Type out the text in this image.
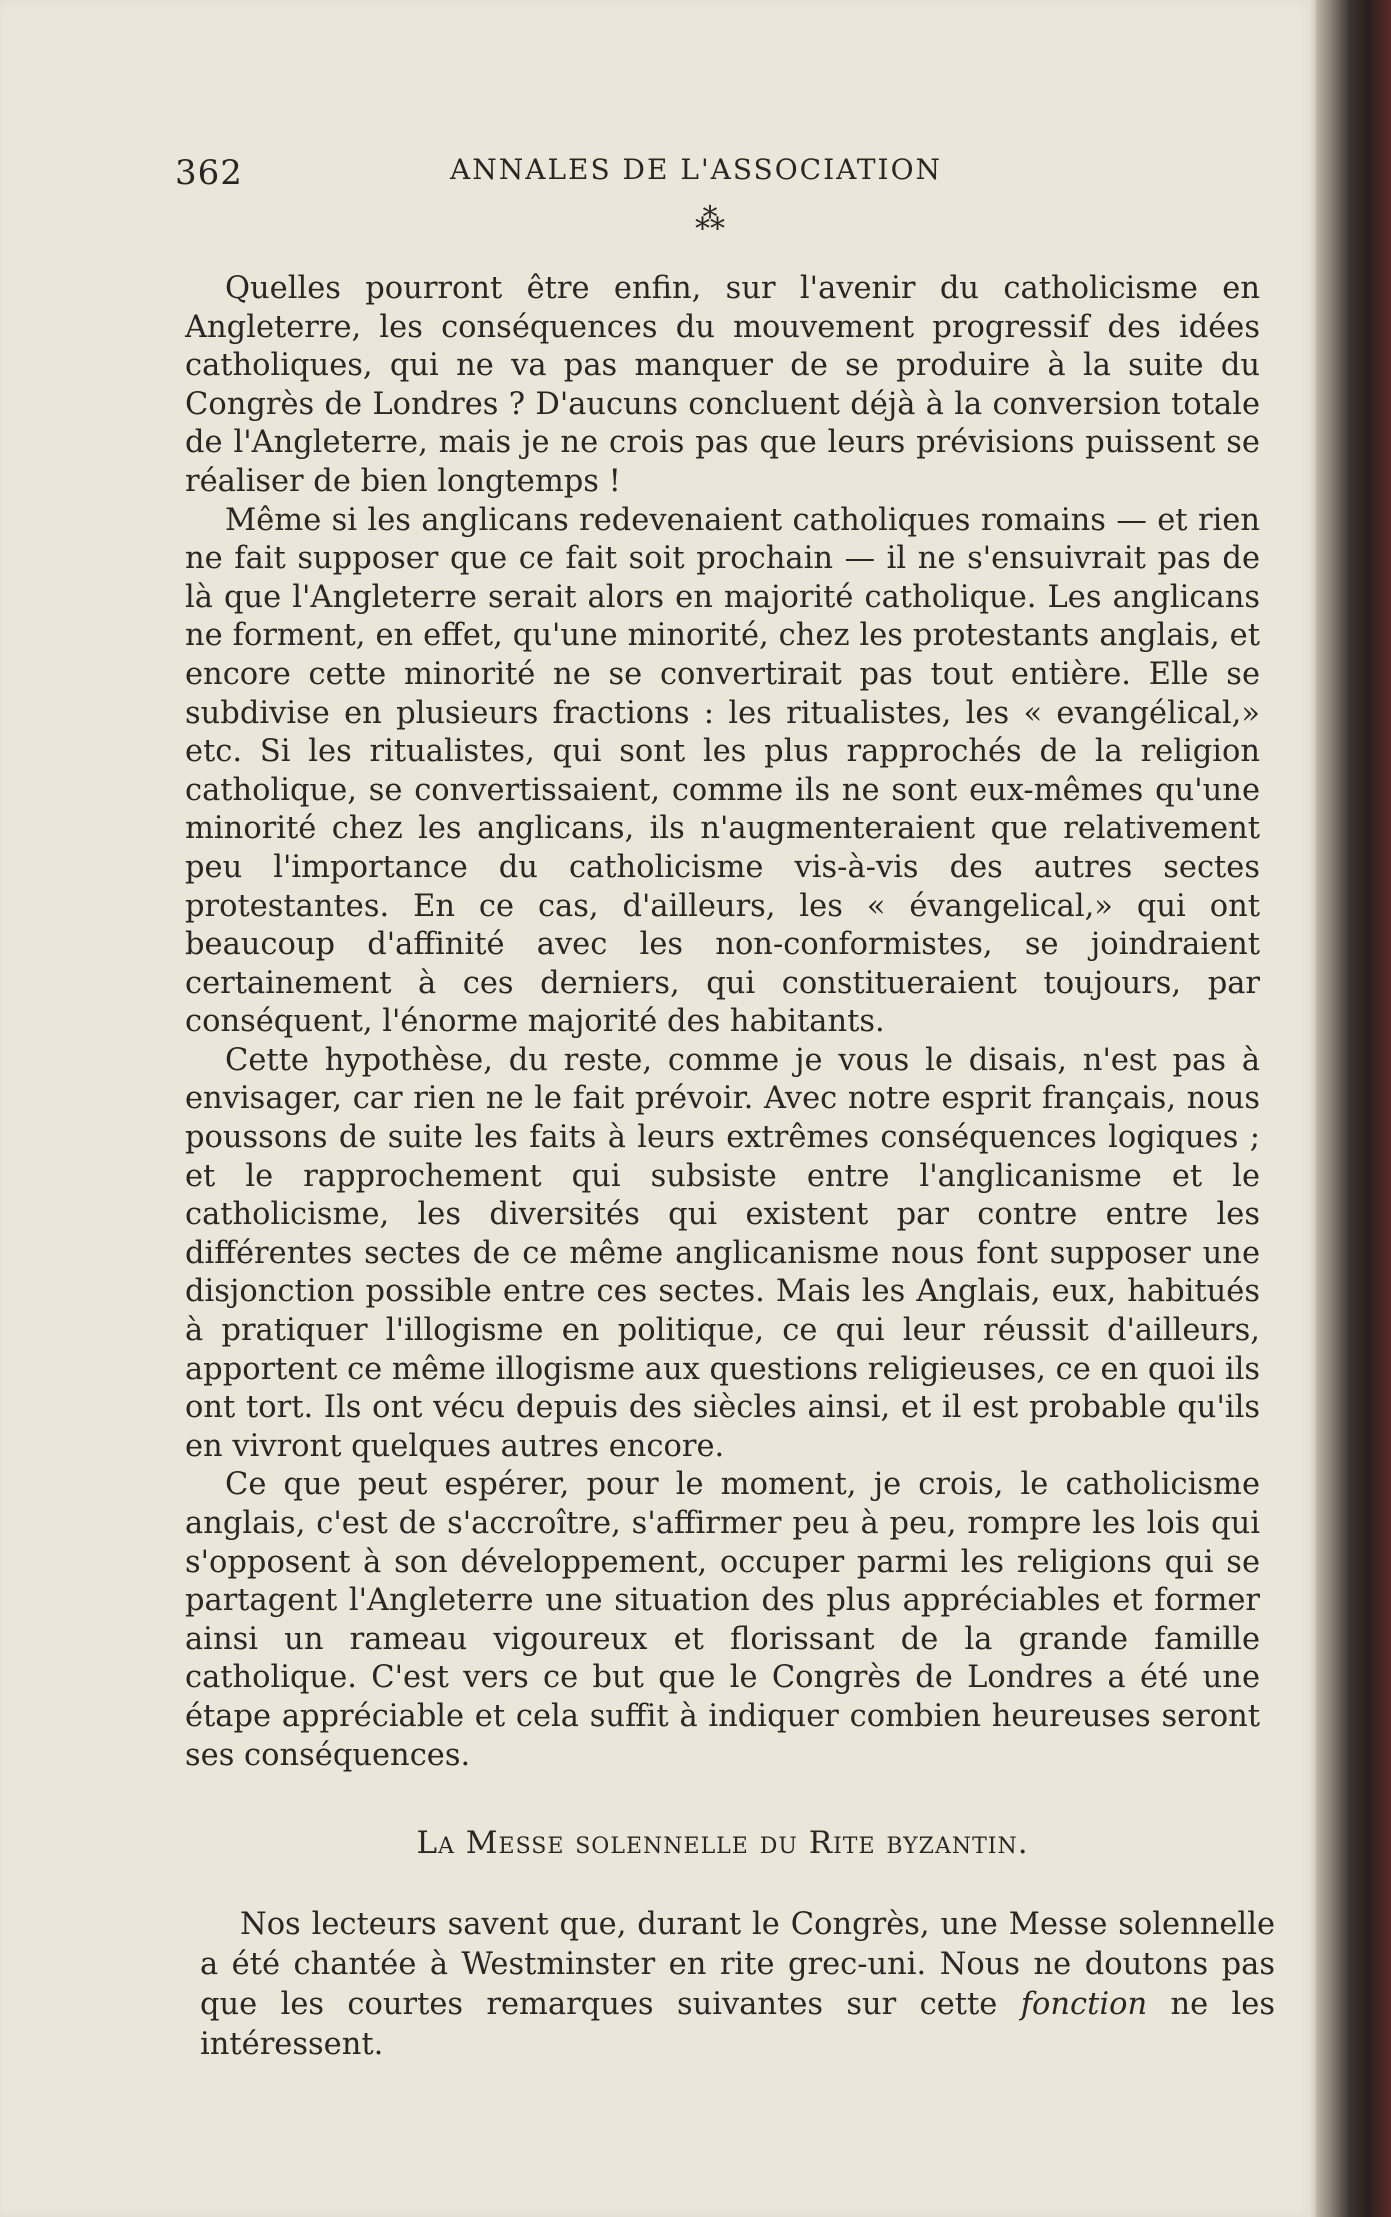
362	ANNALES DE L'ASSOCIATION
⁂

Quelles pourront être enfin, sur l'avenir du catholicisme en Angleterre, les conséquences du mouvement progressif des idées catholiques, qui ne va pas manquer de se produire à la suite du Congrès de Londres ? D'aucuns concluent déjà à la conversion totale de l'Angleterre, mais je ne crois pas que leurs prévisions puissent se réaliser de bien longtemps !

Même si les anglicans redevenaient catholiques romains — et rien ne fait supposer que ce fait soit prochain — il ne s'ensuivrait pas de là que l'Angleterre serait alors en majorité catholique. Les anglicans ne forment, en effet, qu'une minorité, chez les protestants anglais, et encore cette minorité ne se convertirait pas tout entière. Elle se subdivise en plusieurs fractions : les ritualistes, les « evangélical,» etc. Si les ritualistes, qui sont les plus rapprochés de la religion catholique, se convertissaient, comme ils ne sont eux-mêmes qu'une minorité chez les anglicans, ils n'augmenteraient que relativement peu l'importance du catholicisme vis-à-vis des autres sectes protestantes. En ce cas, d'ailleurs, les « évangelical,» qui ont beaucoup d'affinité avec les non-conformistes, se joindraient certainement à ces derniers, qui constitueraient toujours, par conséquent, l'énorme majorité des habitants.

Cette hypothèse, du reste, comme je vous le disais, n'est pas à envisager, car rien ne le fait prévoir. Avec notre esprit français, nous poussons de suite les faits à leurs extrêmes conséquences logiques ; et le rapprochement qui subsiste entre l'anglicanisme et le catholicisme, les diversités qui existent par contre entre les différentes sectes de ce même anglicanisme nous font supposer une disjonction possible entre ces sectes. Mais les Anglais, eux, habitués à pratiquer l'illogisme en politique, ce qui leur réussit d'ailleurs, apportent ce même illogisme aux questions religieuses, ce en quoi ils ont tort. Ils ont vécu depuis des siècles ainsi, et il est probable qu'ils en vivront quelques autres encore.

Ce que peut espérer, pour le moment, je crois, le catholicisme anglais, c'est de s'accroître, s'affirmer peu à peu, rompre les lois qui s'opposent à son développement, occuper parmi les religions qui se partagent l'Angleterre une situation des plus appréciables et former ainsi un rameau vigoureux et florissant de la grande famille catholique. C'est vers ce but que le Congrès de Londres a été une étape appréciable et cela suffit à indiquer combien heureuses seront ses conséquences.

La Messe solennelle du Rite byzantin.

Nos lecteurs savent que, durant le Congrès, une Messe solennelle a été chantée à Westminster en rite grec-uni. Nous ne doutons pas que les courtes remarques suivantes sur cette fonction ne les intéressent.
